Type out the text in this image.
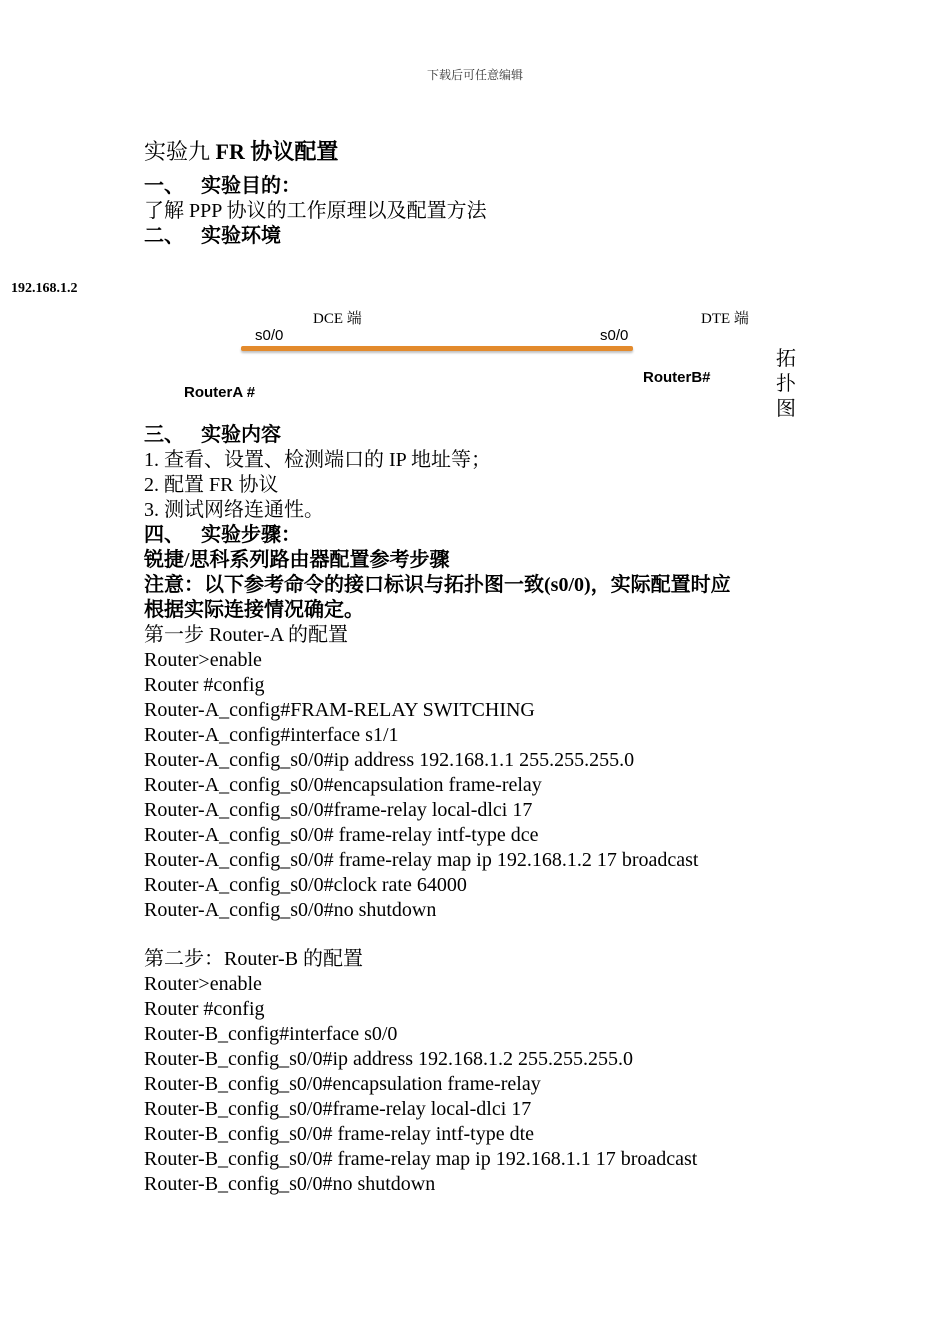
下载后可任意编辑
实验九 FR 协议配置
一、 实验目的：
了解 PPP 协议的工作原理以及配置方法
二、 实验环境
192.168.1.2
DCE 端	DTE 端
s0/0	s0/0
RouterA #
RouterB#
拓扑图
三、 实验内容
1. 查看、设置、检测端口的 IP 地址等；
2. 配置 FR 协议
3. 测试网络连通性。
四、 实验步骤：
锐捷/思科系列路由器配置参考步骤
注意：以下参考命令的接口标识与拓扑图一致(s0/0)，实际配置时应
根据实际连接情况确定。
第一步 Router-A 的配置
Router>enable
Router #config
Router-A_config#FRAM-RELAY SWITCHING
Router-A_config#interface s1/1
Router-A_config_s0/0#ip address 192.168.1.1 255.255.255.0
Router-A_config_s0/0#encapsulation frame-relay
Router-A_config_s0/0#frame-relay local-dlci 17
Router-A_config_s0/0# frame-relay intf-type dce
Router-A_config_s0/0# frame-relay map ip 192.168.1.2 17 broadcast
Router-A_config_s0/0#clock rate 64000
Router-A_config_s0/0#no shutdown
第二步：Router-B 的配置
Router>enable
Router #config
Router-B_config#interface s0/0
Router-B_config_s0/0#ip address 192.168.1.2 255.255.255.0
Router-B_config_s0/0#encapsulation frame-relay
Router-B_config_s0/0#frame-relay local-dlci 17
Router-B_config_s0/0# frame-relay intf-type dte
Router-B_config_s0/0# frame-relay map ip 192.168.1.1 17 broadcast
Router-B_config_s0/0#no shutdown
